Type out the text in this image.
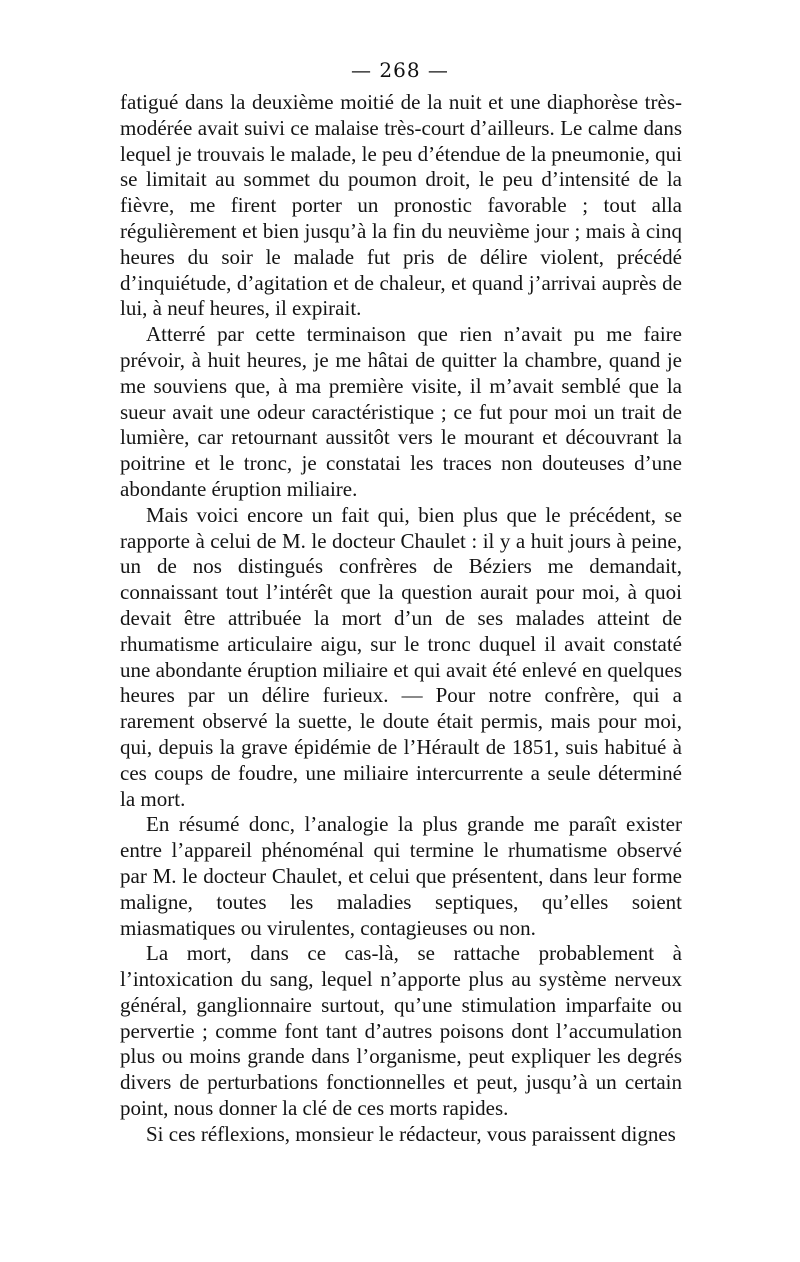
— 268 —

fatigué dans la deuxième moitié de la nuit et une diaphorèse très-modérée avait suivi ce malaise très-court d’ailleurs. Le calme dans lequel je trouvais le malade, le peu d’étendue de la pneumonie, qui se limitait au sommet du poumon droit, le peu d’intensité de la fièvre, me firent porter un pronostic favorable ; tout alla régulièrement et bien jusqu’à la fin du neuvième jour ; mais à cinq heures du soir le malade fut pris de délire violent, précédé d’inquiétude, d’agitation et de chaleur, et quand j’arrivai auprès de lui, à neuf heures, il expirait.

Atterré par cette terminaison que rien n’avait pu me faire prévoir, à huit heures, je me hâtai de quitter la chambre, quand je me souviens que, à ma première visite, il m’avait semblé que la sueur avait une odeur caractéristique ; ce fut pour moi un trait de lumière, car retournant aussitôt vers le mourant et découvrant la poitrine et le tronc, je constatai les traces non douteuses d’une abondante éruption miliaire.

Mais voici encore un fait qui, bien plus que le précédent, se rapporte à celui de M. le docteur Chaulet : il y a huit jours à peine, un de nos distingués confrères de Béziers me demandait, connaissant tout l’intérêt que la question aurait pour moi, à quoi devait être attribuée la mort d’un de ses malades atteint de rhumatisme articulaire aigu, sur le tronc duquel il avait constaté une abondante éruption miliaire et qui avait été enlevé en quelques heures par un délire furieux. — Pour notre confrère, qui a rarement observé la suette, le doute était permis, mais pour moi, qui, depuis la grave épidémie de l’Hérault de 1851, suis habitué à ces coups de foudre, une miliaire intercurrente a seule déterminé la mort.

En résumé donc, l’analogie la plus grande me paraît exister entre l’appareil phénoménal qui termine le rhumatisme observé par M. le docteur Chaulet, et celui que présentent, dans leur forme maligne, toutes les maladies septiques, qu’elles soient miasmatiques ou virulentes, contagieuses ou non.

La mort, dans ce cas-là, se rattache probablement à l’intoxication du sang, lequel n’apporte plus au système nerveux général, ganglionnaire surtout, qu’une stimulation imparfaite ou pervertie ; comme font tant d’autres poisons dont l’accumulation plus ou moins grande dans l’organisme, peut expliquer les degrés divers de perturbations fonctionnelles et peut, jusqu’à un certain point, nous donner la clé de ces morts rapides.

Si ces réflexions, monsieur le rédacteur, vous paraissent dignes
